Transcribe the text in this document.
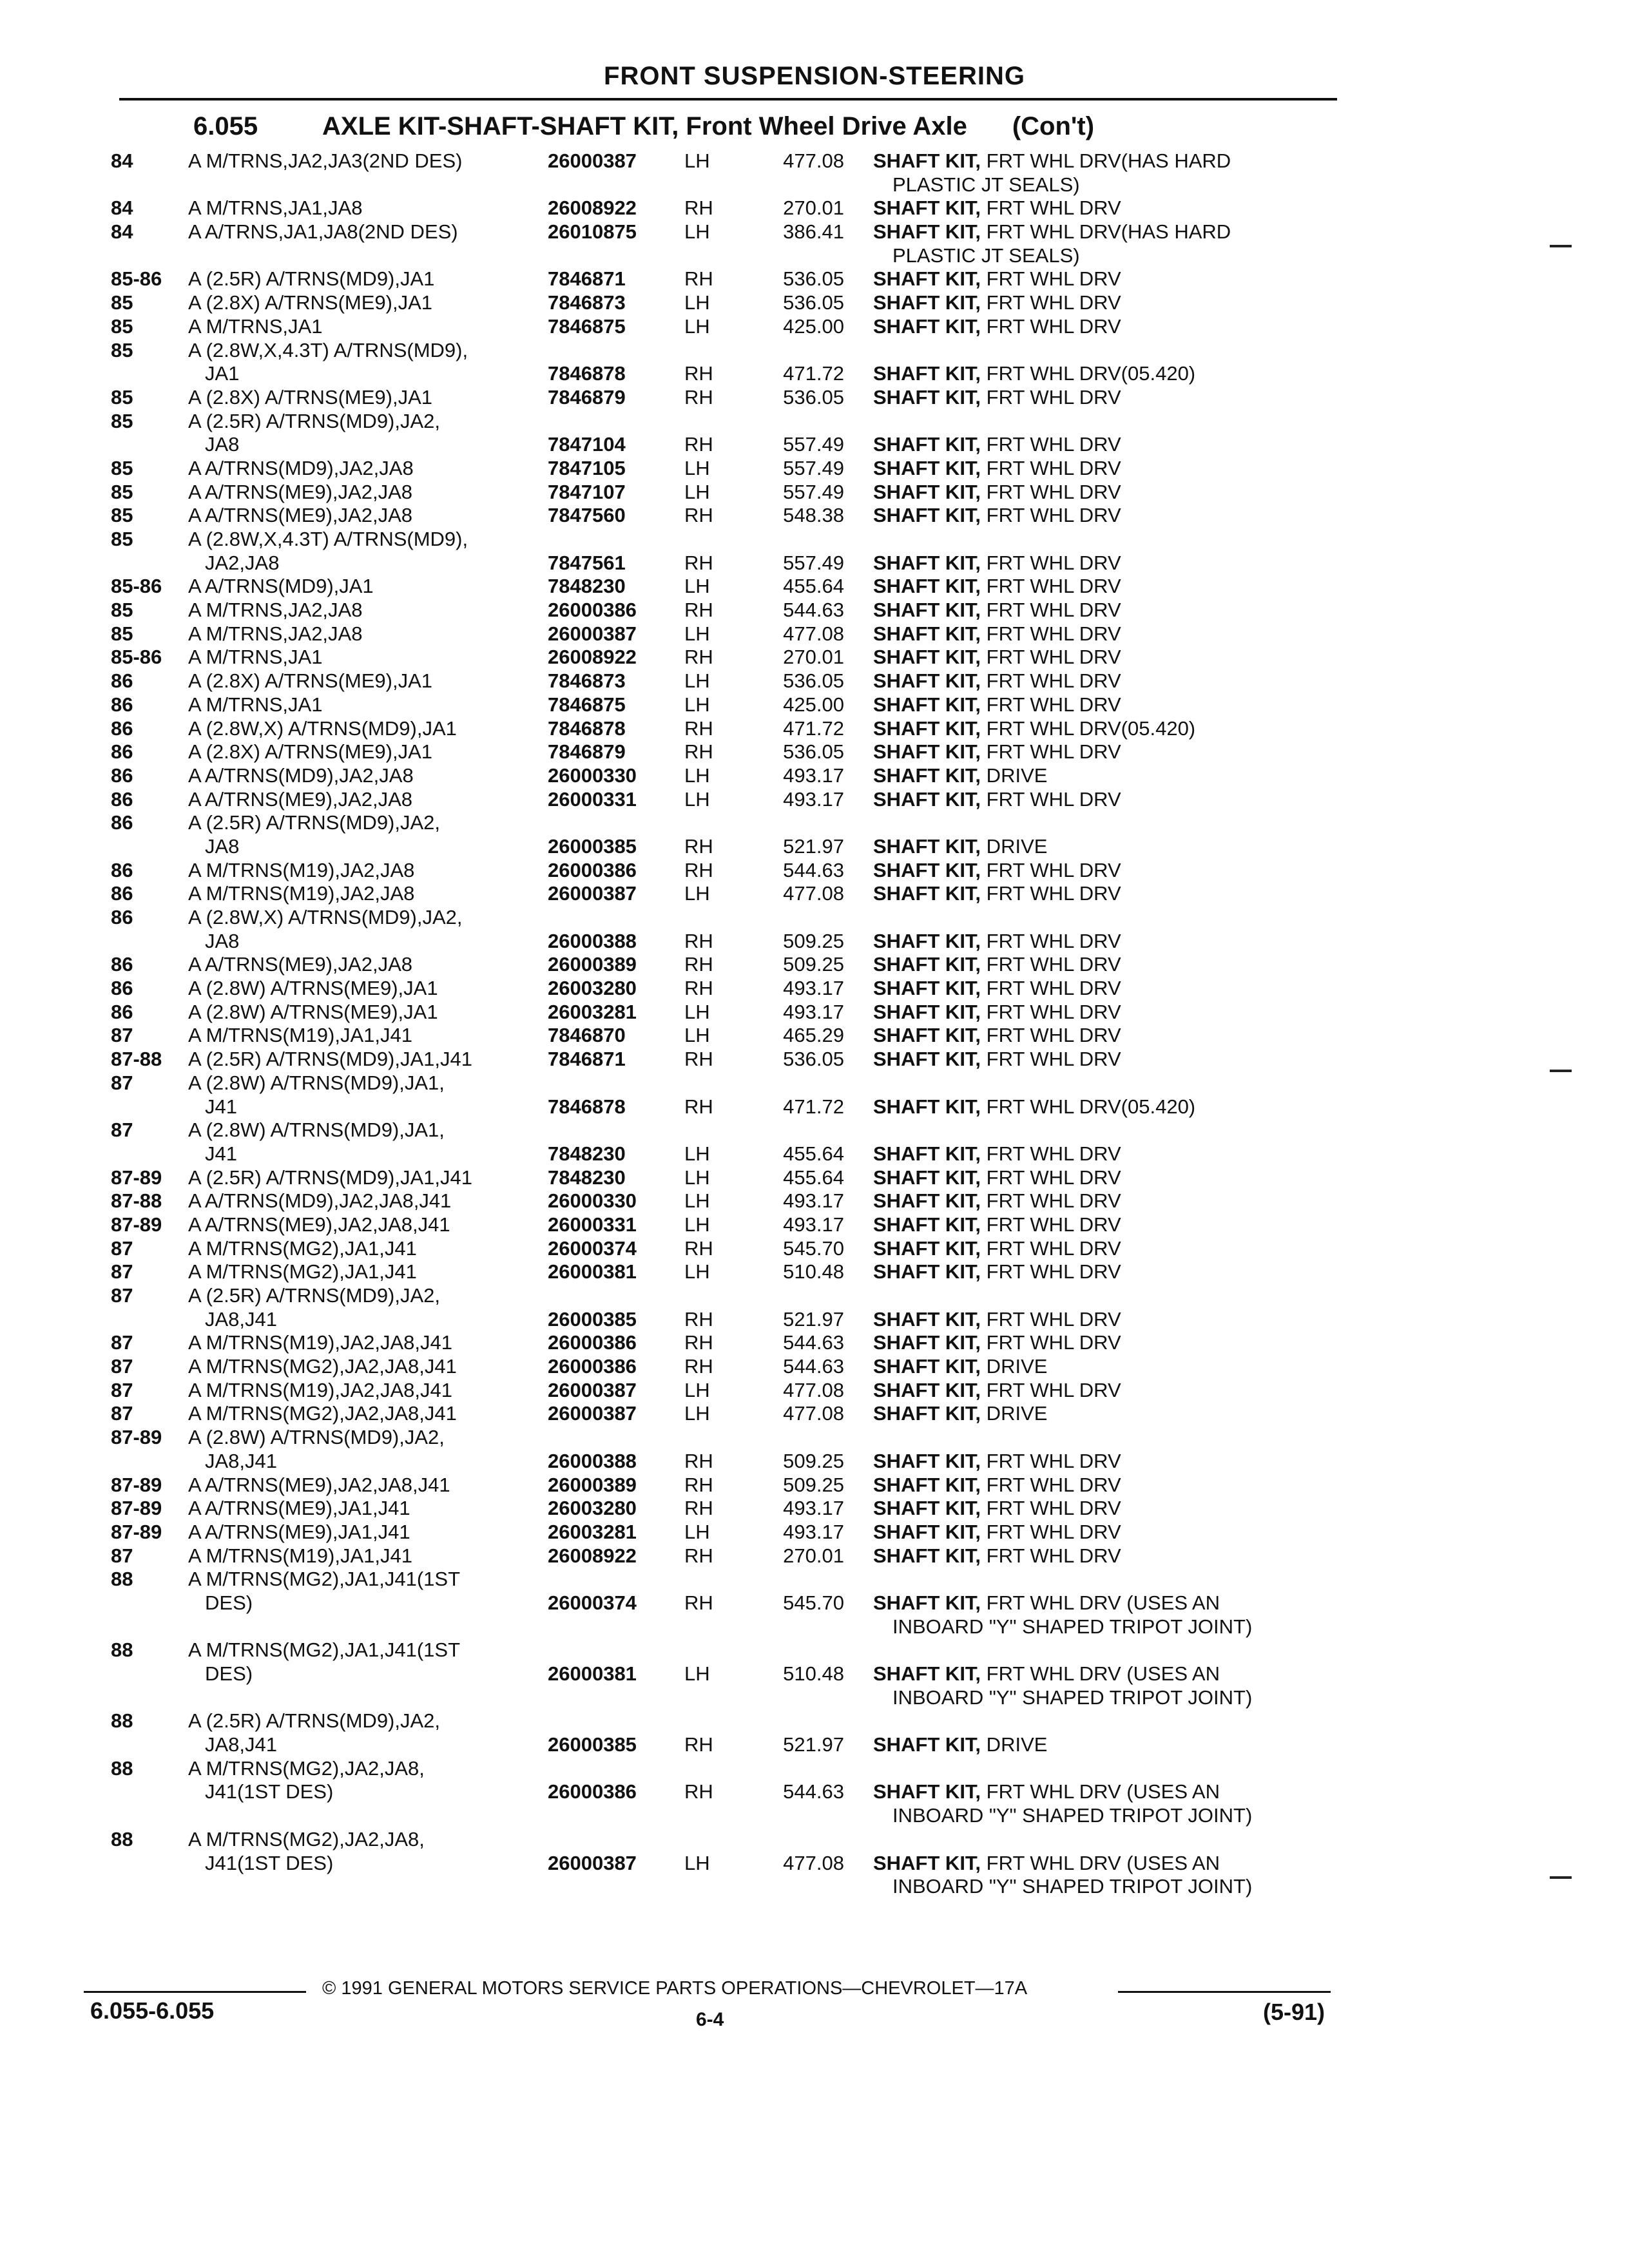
FRONT SUSPENSION-STEERING
6.055 AXLE KIT-SHAFT-SHAFT KIT, Front Wheel Drive Axle (Con't)
84	A M/TRNS,JA2,JA3(2ND DES) . . .	26000387 LH	477.08 SHAFT KIT, FRT WHL DRV(HAS HARD
PLASTIC JT SEALS) . . .
84	A M/TRNS,JA1,JA8 . . .	26008922 RH	270.01 SHAFT KIT, FRT WHL DRV . . .
84	A A/TRNS,JA1,JA8(2ND DES) . . .	26010875 LH	386.41 SHAFT KIT, FRT WHL DRV(HAS HARD
PLASTIC JT SEALS) . . .
85-86 A (2.5R) A/TRNS(MD9),JA1 . . .	7846871	RH	536.05 SHAFT KIT, FRT WHL DRV . . .
85	A (2.8X) A/TRNS(ME9),JA1 . . .	7846873	LH	536.05 SHAFT KIT, FRT WHL DRV . . .
85	A M/TRNS,JA1 . . .	7846875	LH	425.00 SHAFT KIT, FRT WHL DRV . . .
85	A (2.8W,X,4.3T) A/TRNS(MD9),
JA1 . . .	7846878	RH	471.72 SHAFT KIT, FRT WHL DRV(05.420) . . .
85	A (2.8X) A/TRNS(ME9),JA1 . . .	7846879	RH	536.05 SHAFT KIT, FRT WHL DRV . . .
85	A (2.5R) A/TRNS(MD9),JA2,
JA8 . . .	7847104	RH	557.49 SHAFT KIT, FRT WHL DRV . . .
85	A A/TRNS(MD9),JA2,JA8 . . .	7847105	LH	557.49 SHAFT KIT, FRT WHL DRV . . .
85	A A/TRNS(ME9),JA2,JA8 . . .	7847107	LH	557.49 SHAFT KIT, FRT WHL DRV . . .
85	A A/TRNS(ME9),JA2,JA8 . . .	7847560	RH	548.38 SHAFT KIT, FRT WHL DRV . . .
85	A (2.8W,X,4.3T) A/TRNS(MD9),
JA2,JA8 . . .	7847561	RH	557.49 SHAFT KIT, FRT WHL DRV . . .
85-86 A A/TRNS(MD9),JA1 . . .	7848230	LH	455.64 SHAFT KIT, FRT WHL DRV . . .
85	A M/TRNS,JA2,JA8 . . .	26000386 RH	544.63 SHAFT KIT, FRT WHL DRV . . .
85	A M/TRNS,JA2,JA8 . . .	26000387 LH	477.08 SHAFT KIT, FRT WHL DRV . . .
85-86 A M/TRNS,JA1 . . .	26008922 RH	270.01 SHAFT KIT, FRT WHL DRV . . .
86	A (2.8X) A/TRNS(ME9),JA1 . . .	7846873	LH	536.05 SHAFT KIT, FRT WHL DRV . . .
86	A M/TRNS,JA1 . . .	7846875	LH	425.00 SHAFT KIT, FRT WHL DRV . . .
86	A (2.8W,X) A/TRNS(MD9),JA1 . . .	7846878	RH	471.72 SHAFT KIT, FRT WHL DRV(05.420) . . .
86	A (2.8X) A/TRNS(ME9),JA1 . . .	7846879	RH	536.05 SHAFT KIT, FRT WHL DRV . . .
86	A A/TRNS(MD9),JA2,JA8 . . .	26000330 LH	493.17 SHAFT KIT, DRIVE . . .
86	A A/TRNS(ME9),JA2,JA8 . . .	26000331 LH	493.17 SHAFT KIT, FRT WHL DRV . . .
86	A (2.5R) A/TRNS(MD9),JA2,
JA8 . . .	26000385 RH	521.97 SHAFT KIT, DRIVE . . .
86	A M/TRNS(M19),JA2,JA8 . . .	26000386 RH	544.63 SHAFT KIT, FRT WHL DRV . . .
86	A M/TRNS(M19),JA2,JA8 . . .	26000387 LH	477.08 SHAFT KIT, FRT WHL DRV . . .
86	A (2.8W,X) A/TRNS(MD9),JA2,
JA8 . . .	26000388 RH	509.25 SHAFT KIT, FRT WHL DRV . . .
86	A A/TRNS(ME9),JA2,JA8 . . .	26000389 RH	509.25 SHAFT KIT, FRT WHL DRV . . .
86	A (2.8W) A/TRNS(ME9),JA1 . . .	26003280 RH	493.17 SHAFT KIT, FRT WHL DRV . . .
86	A (2.8W) A/TRNS(ME9),JA1 . . .	26003281 LH	493.17 SHAFT KIT, FRT WHL DRV . . .
87	A M/TRNS(M19),JA1,J41 . . .	7846870	LH	465.29 SHAFT KIT, FRT WHL DRV . . .
87-88 A (2.5R) A/TRNS(MD9),JA1,J41 . . .	7846871	RH	536.05 SHAFT KIT, FRT WHL DRV . . .
87	A (2.8W) A/TRNS(MD9),JA1,
J41 . . .	7846878	RH	471.72 SHAFT KIT, FRT WHL DRV(05.420) . . .
87	A (2.8W) A/TRNS(MD9),JA1,
J41 . . .	7848230	LH	455.64 SHAFT KIT, FRT WHL DRV . . .
87-89 A (2.5R) A/TRNS(MD9),JA1,J41 . . .	7848230	LH	455.64 SHAFT KIT, FRT WHL DRV . . .
87-88 A A/TRNS(MD9),JA2,JA8,J41 . . .	26000330 LH	493.17 SHAFT KIT, FRT WHL DRV . . .
87-89 A A/TRNS(ME9),JA2,JA8,J41 . . .	26000331 LH	493.17 SHAFT KIT, FRT WHL DRV . . .
87	A M/TRNS(MG2),JA1,J41 . . .	26000374 RH	545.70 SHAFT KIT, FRT WHL DRV . . .
87	A M/TRNS(MG2),JA1,J41 . . .	26000381 LH	510.48 SHAFT KIT, FRT WHL DRV . . .
87	A (2.5R) A/TRNS(MD9),JA2,
JA8,J41 . . .	26000385 RH	521.97 SHAFT KIT, FRT WHL DRV . . .
87	A M/TRNS(M19),JA2,JA8,J41 . . .	26000386 RH	544.63 SHAFT KIT, FRT WHL DRV . . .
87	A M/TRNS(MG2),JA2,JA8,J41 . . .	26000386 RH	544.63 SHAFT KIT, DRIVE . . .
87	A M/TRNS(M19),JA2,JA8,J41 . . .	26000387 LH	477.08 SHAFT KIT, FRT WHL DRV . . .
87	A M/TRNS(MG2),JA2,JA8,J41 . . .	26000387 LH	477.08 SHAFT KIT, DRIVE . . .
87-89 A (2.8W) A/TRNS(MD9),JA2,
JA8,J41 . . .	26000388 RH	509.25 SHAFT KIT, FRT WHL DRV . . .
87-89 A A/TRNS(ME9),JA2,JA8,J41 . . .	26000389 RH	509.25 SHAFT KIT, FRT WHL DRV . . .
87-89 A A/TRNS(ME9),JA1,J41 . . .	26003280 RH	493.17 SHAFT KIT, FRT WHL DRV . . .
87-89 A A/TRNS(ME9),JA1,J41 . . .	26003281 LH	493.17 SHAFT KIT, FRT WHL DRV . . .
87	A M/TRNS(M19),JA1,J41 . . .	26008922 RH	270.01 SHAFT KIT, FRT WHL DRV . . .
88	A M/TRNS(MG2),JA1,J41(1ST
DES) . . .	26000374 RH	545.70 SHAFT KIT, FRT WHL DRV (USES AN
INBOARD "Y" SHAPED TRIPOT JOINT) . . .
88	A M/TRNS(MG2),JA1,J41(1ST
DES) . . .	26000381 LH	510.48 SHAFT KIT, FRT WHL DRV (USES AN
INBOARD "Y" SHAPED TRIPOT JOINT) . . .
88	A (2.5R) A/TRNS(MD9),JA2,
JA8,J41 . . .	26000385 RH	521.97 SHAFT KIT, DRIVE . . .
88	A M/TRNS(MG2),JA2,JA8,
J41(1ST DES) . . .	26000386 RH	544.63 SHAFT KIT, FRT WHL DRV (USES AN
INBOARD "Y" SHAPED TRIPOT JOINT) . . .
88	A M/TRNS(MG2),JA2,JA8,
J41(1ST DES) . . .	26000387 LH	477.08 SHAFT KIT, FRT WHL DRV (USES AN
INBOARD "Y" SHAPED TRIPOT JOINT) . . .
© 1991 GENERAL MOTORS SERVICE PARTS OPERATIONS—CHEVROLET—17A
6.055-6.055	6-4	(5-91)
